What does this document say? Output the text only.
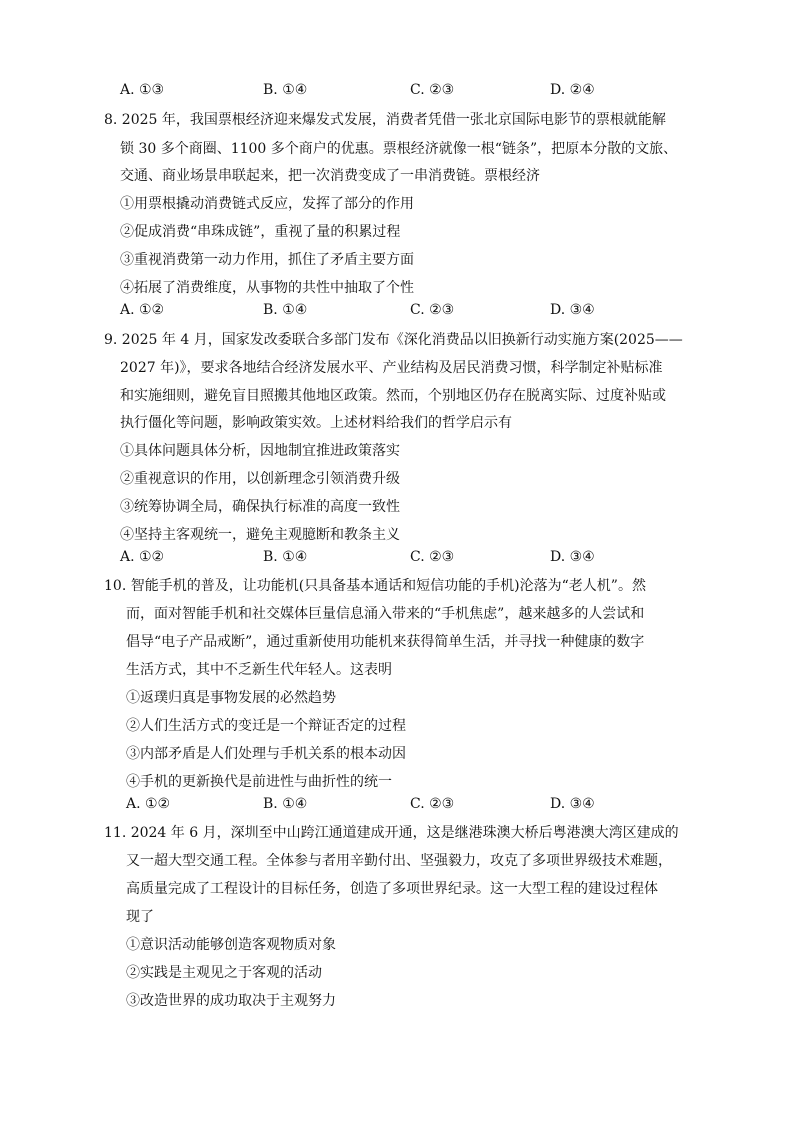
A. ①③	B. ①④	C. ②③	D. ②④
8. 2025 年，我国票根经济迎来爆发式发展，消费者凭借一张北京国际电影节的票根就能解
锁 30 多个商圈、1100 多个商户的优惠。票根经济就像一根“链条”，把原本分散的文旅、
交通、商业场景串联起来，把一次消费变成了一串消费链。票根经济
①用票根撬动消费链式反应，发挥了部分的作用
②促成消费“串珠成链”，重视了量的积累过程
③重视消费第一动力作用，抓住了矛盾主要方面
④拓展了消费维度，从事物的共性中抽取了个性
A. ①②	B. ①④	C. ②③	D. ③④
9. 2025 年 4 月，国家发改委联合多部门发布《深化消费品以旧换新行动实施方案(2025——
2027 年)》，要求各地结合经济发展水平、产业结构及居民消费习惯，科学制定补贴标准
和实施细则，避免盲目照搬其他地区政策。然而，个别地区仍存在脱离实际、过度补贴或
执行僵化等问题，影响政策实效。上述材料给我们的哲学启示有
①具体问题具体分析，因地制宜推进政策落实
②重视意识的作用，以创新理念引领消费升级
③统筹协调全局，确保执行标准的高度一致性
④坚持主客观统一，避免主观臆断和教条主义
A. ①②	B. ①④	C. ②③	D. ③④
10. 智能手机的普及，让功能机(只具备基本通话和短信功能的手机)沦落为“老人机”。然
而，面对智能手机和社交媒体巨量信息涌入带来的“手机焦虑”，越来越多的人尝试和
倡导“电子产品戒断”，通过重新使用功能机来获得简单生活，并寻找一种健康的数字
生活方式，其中不乏新生代年轻人。这表明
①返璞归真是事物发展的必然趋势
②人们生活方式的变迁是一个辩证否定的过程
③内部矛盾是人们处理与手机关系的根本动因
④手机的更新换代是前进性与曲折性的统一
A. ①②	B. ①④	C. ②③	D. ③④
11. 2024 年 6 月，深圳至中山跨江通道建成开通，这是继港珠澳大桥后粤港澳大湾区建成的
又一超大型交通工程。全体参与者用辛勤付出、坚强毅力，攻克了多项世界级技术难题，
高质量完成了工程设计的目标任务，创造了多项世界纪录。这一大型工程的建设过程体
现了
①意识活动能够创造客观物质对象
②实践是主观见之于客观的活动
③改造世界的成功取决于主观努力
